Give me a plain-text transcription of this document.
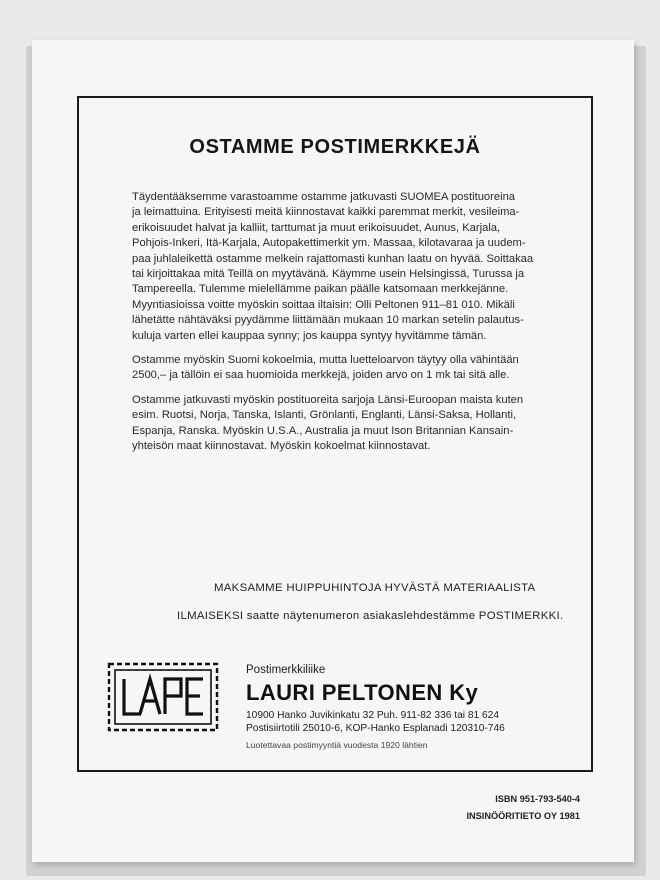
OSTAMME POSTIMERKKEJÄ

Täydentääksemme varastoamme ostamme jatkuvasti SUOMEA postituoreina
ja leimattuina. Erityisesti meitä kiinnostavat kaikki paremmat merkit, vesileima-
erikoisuudet halvat ja kalliit, tarttumat ja muut erikoisuudet, Aunus, Karjala,
Pohjois-Inkeri, Itä-Karjala, Autopakettimerkit ym. Massaa, kilotavaraa ja uudem-
paa juhlaleikettä ostamme melkein rajattomasti kunhan laatu on hyvää. Soittakaa
tai kirjoittakaa mitä Teillä on myytävänä. Käymme usein Helsingissä, Turussa ja
Tampereella. Tulemme mielellämme paikan päälle katsomaan merkkejänne.
Myyntiasioissa voitte myöskin soittaa iltaisin: Olli Peltonen 911–81 010. Mikäli
lähetätte nähtäväksi pyydämme liittämään mukaan 10 markan setelin palautus-
kuluja varten ellei kauppaa synny; jos kauppa syntyy hyvitämme tämän.

Ostamme myöskin Suomi kokoelmia, mutta luetteloarvon täytyy olla vähintään
2500,– ja tällöin ei saa huomioida merkkejä, joiden arvo on 1 mk tai sitä alle.

Ostamme jatkuvasti myöskin postituoreita sarjoja Länsi-Euroopan maista kuten
esim. Ruotsi, Norja, Tanska, Islanti, Grönlanti, Englanti, Länsi-Saksa, Hollanti,
Espanja, Ranska. Myöskin U.S.A., Australia ja muut Ison Britannian Kansain-
yhteisön maat kiinnostavat. Myöskin kokoelmat kiinnostavat.

MAKSAMME HUIPPUHINTOJA HYVÄSTÄ MATERIAALISTA
ILMAISEKSI saatte näytenumeron asiakaslehdestämme POSTIMERKKI.
Postimerkkiliike
LAURI PELTONEN Ky
10900 Hanko Juvikinkatu 32 Puh. 911-82 336 tai 81 624
Postisiirtotili 25010-6, KOP-Hanko Esplanadi 120310-746
Luotettavaa postimyyntiä vuodesta 1920 lähtien
ISBN 951-793-540-4
INSINÖÖRITIETO OY 1981
